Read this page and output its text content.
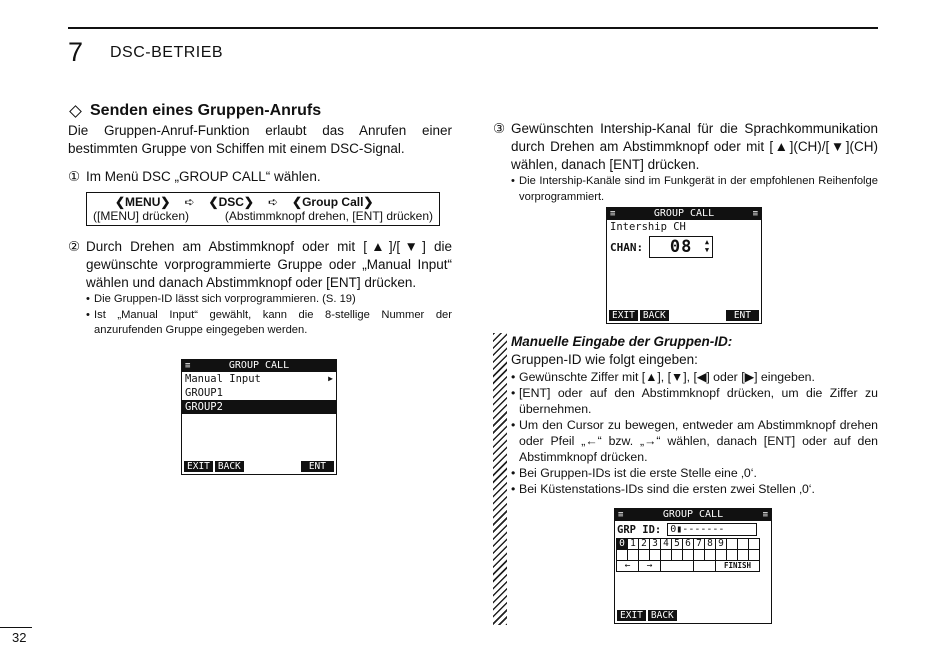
7 DSC-BETRIEB
Senden eines Gruppen-Anrufs

Die Gruppen-Anruf-Funktion erlaubt das Anrufen einer bestimmten Gruppe von Schiffen mit einem DSC-Signal.

① Im Menü DSC „GROUP CALL“ wählen.
❮MENU❯ ➪ ❮DSC❯ ➪ ❮Group Call❯
([MENU] drücken)	(Abstimmknopf drehen, [ENT] drücken)
② Durch Drehen am Abstimmknopf oder mit [▲]/[▼] die gewünschte vorprogrammierte Gruppe oder „Manual Input“ wählen und danach Abstimmknopf oder [ENT] drücken.
• Die Gruppen-ID lässt sich vorprogrammieren. (S. 19)
• Ist „Manual Input“ gewählt, kann die 8-stellige Nummer der anzurufenden Gruppe eingegeben werden.
≡	GROUP CALL
Manual Input	▶
GROUP1
GROUP2
EXIT BACK	ENT
③ Gewünschten Intership-Kanal für die Sprachkommunikation durch Drehen am Abstimmknopf oder mit [▲](CH)/[▼](CH) wählen, danach [ENT] drücken.
• Die Intership-Kanäle sind im Funkgerät in der empfohlenen Reihenfolge vorprogrammiert.
≡	GROUP CALL	≡
Intership CH
CHAN: 08 ▲
▼
EXIT BACK	ENT
Manuelle Eingabe der Gruppen-ID:
Gruppen-ID wie folgt eingeben:
• Gewünschte Ziffer mit [▲], [▼], [◀] oder [▶] eingeben.
• [ENT] oder auf den Abstimmknopf drücken, um die Ziffer zu übernehmen.
• Um den Cursor zu bewegen, entweder am Abstimmknopf drehen oder Pfeil „←“ bzw. „→“ wählen, danach [ENT] oder auf den Abstimmknopf drücken.
• Bei Gruppen-IDs ist die erste Stelle eine ‚0‘.
• Bei Küstenstations-IDs sind die ersten zwei Stellen ‚0‘.
≡	GROUP CALL	≡
GRP ID: 0▮-------
0	1	2	3	4	5	6	7	8	9			

←		→							FINISH			
EXIT BACK
32
